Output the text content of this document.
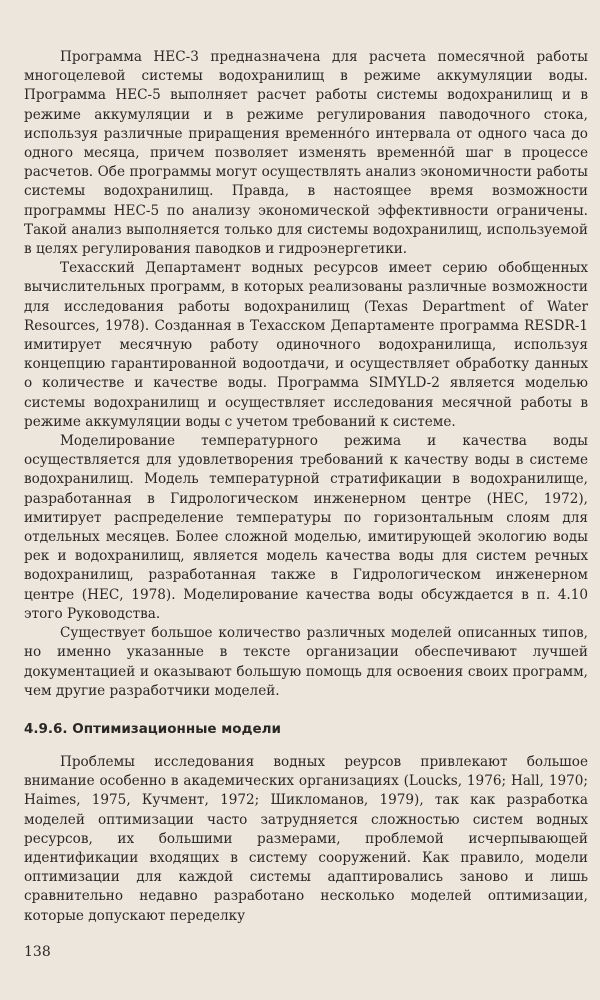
Программа НЕС-3 предназначена для расчета помесячной работы многоцелевой системы водохранилищ в режиме аккумуляции воды. Программа НЕС-5 выполняет расчет работы системы водохранилищ и в режиме аккумуляции и в режиме регулирования паводочного стока, используя различные приращения временно́го интервала от одного часа до одного месяца, причем позволяет изменять временно́й шаг в процессе расчетов. Обе программы могут осуществлять анализ экономичности работы системы водохранилищ. Правда, в настоящее время возможности программы НЕС-5 по анализу экономической эффективности ограничены. Такой анализ выполняется только для системы водохранилищ, используемой в целях регулирования паводков и гидроэнергетики.

Техасский Департамент водных ресурсов имеет серию обобщенных вычислительных программ, в которых реализованы различные возможности для исследования работы водохранилищ (Texas Department of Water Resources, 1978). Созданная в Техасском Департаменте программа RESDR-1 имитирует месячную работу одиночного водохранилища, используя концепцию гарантированной водоотдачи, и осуществляет обработку данных о количестве и качестве воды. Программа SIMYLD-2 является моделью системы водохранилищ и осуществляет исследования месячной работы в режиме аккумуляции воды с учетом требований к системе.

Моделирование температурного режима и качества воды осуществляется для удовлетворения требований к качеству воды в системе водохранилищ. Модель температурной стратификации в водохранилище, разработанная в Гидрологическом инженерном центре (НЕС, 1972), имитирует распределение температуры по горизонтальным слоям для отдельных месяцев. Более сложной моделью, имитирующей экологию воды рек и водохранилищ, является модель качества воды для систем речных водохранилищ, разработанная также в Гидрологическом инженерном центре (НЕС, 1978). Моделирование качества воды обсуждается в п. 4.10 этого Руководства.

Существует большое количество различных моделей описанных типов, но именно указанные в тексте организации обеспечивают лучшей документацией и оказывают большую помощь для освоения своих программ, чем другие разработчики моделей.

4.9.6. Оптимизационные модели

Проблемы исследования водных реурсов привлекают большое внимание особенно в академических организациях (Loucks, 1976; Hall, 1970; Haimes, 1975, Кучмент, 1972; Шикломанов, 1979), так как разработка моделей оптимизации часто затрудняется сложностью систем водных ресурсов, их большими размерами, проблемой исчерпывающей идентификации входящих в систему сооружений. Как правило, модели оптимизации для каждой системы адаптировались заново и лишь сравнительно недавно разработано несколько моделей оптимизации, которые допускают переделку

138
